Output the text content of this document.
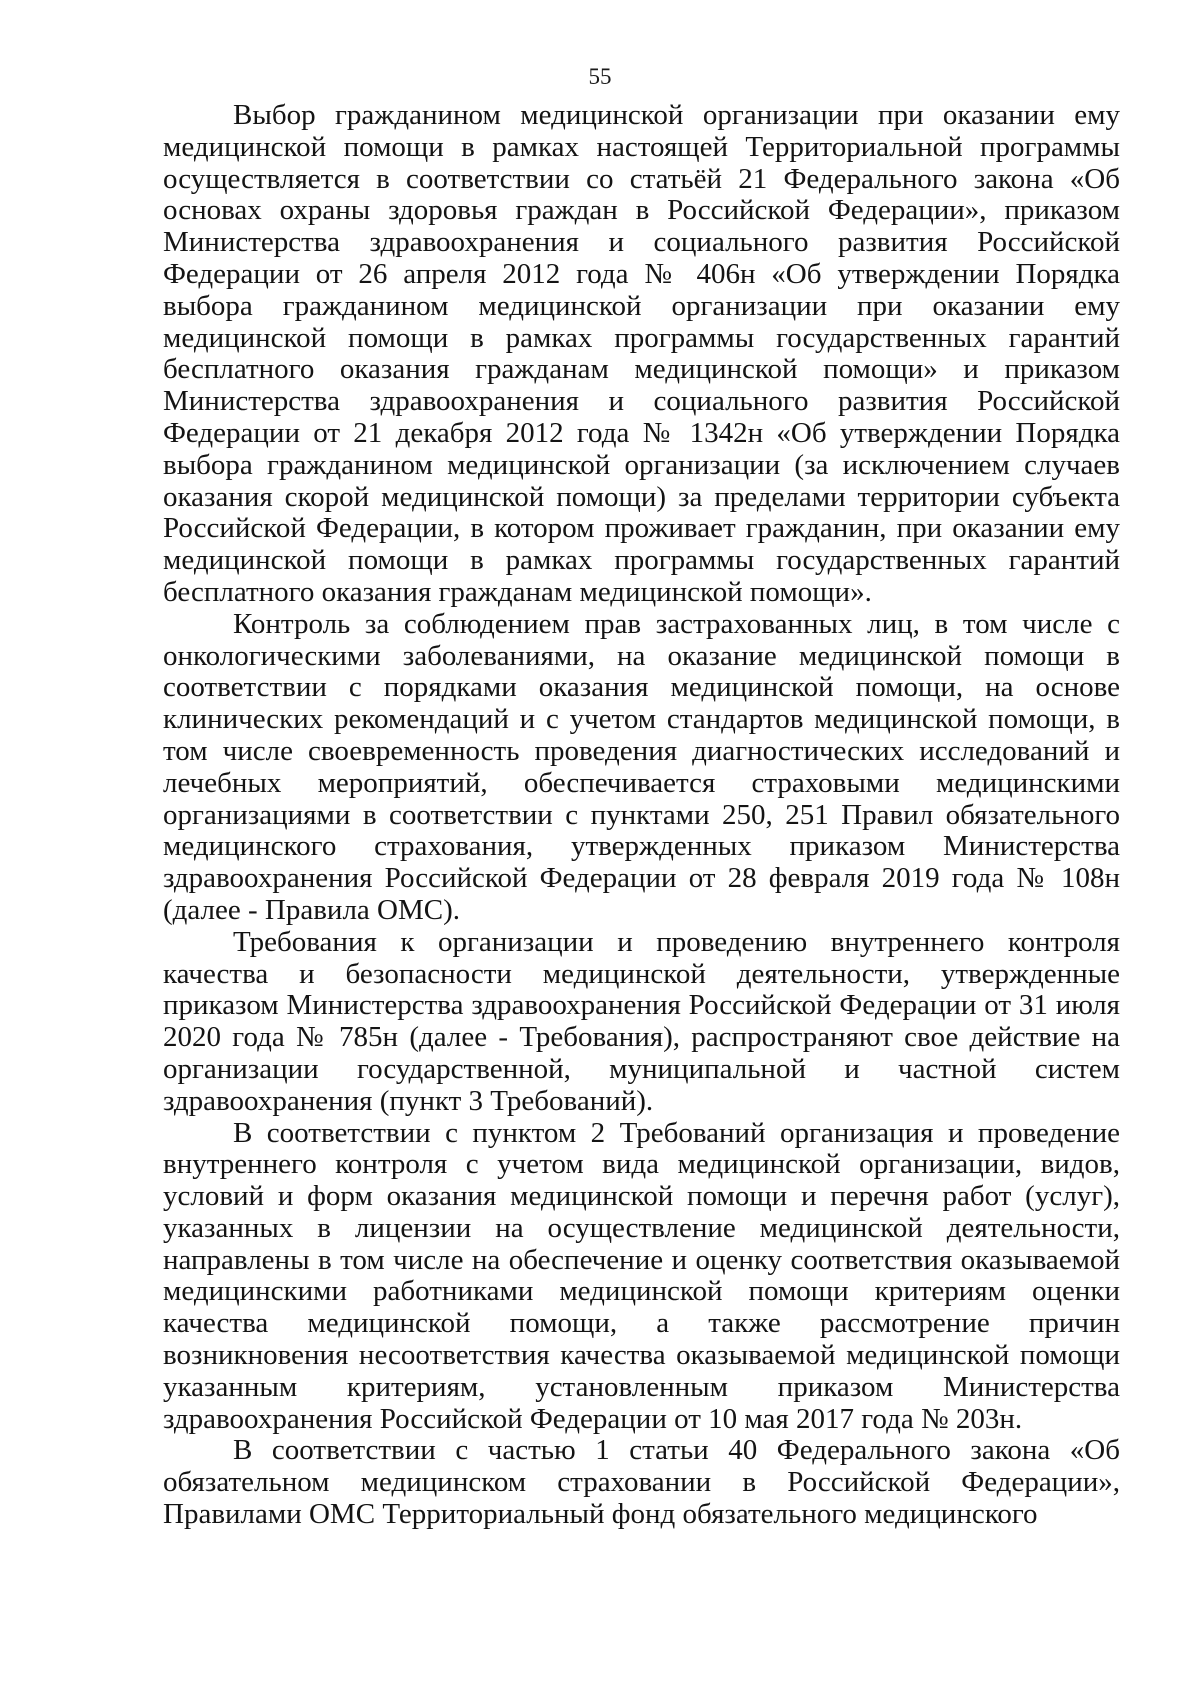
55

Выбор гражданином медицинской организации при оказании ему медицинской помощи в рамках настоящей Территориальной программы осуществляется в соответствии со статьёй 21 Федерального закона «Об основах охраны здоровья граждан в Российской Федерации», приказом Министерства здравоохранения и социального развития Российской Федерации от 26 апреля 2012 года № 406н «Об утверждении Порядка выбора гражданином медицинской организации при оказании ему медицинской помощи в рамках программы государственных гарантий бесплатного оказания гражданам медицинской помощи» и приказом Министерства здравоохранения и социального развития Российской Федерации от 21 декабря 2012 года № 1342н «Об утверждении Порядка выбора гражданином медицинской организации (за исключением случаев оказания скорой медицинской помощи) за пределами территории субъекта Российской Федерации, в котором проживает гражданин, при оказании ему медицинской помощи в рамках программы государственных гарантий бесплатного оказания гражданам медицинской помощи».

Контроль за соблюдением прав застрахованных лиц, в том числе с онкологическими заболеваниями, на оказание медицинской помощи в соответствии с порядками оказания медицинской помощи, на основе клинических рекомендаций и с учетом стандартов медицинской помощи, в том числе своевременность проведения диагностических исследований и лечебных мероприятий, обеспечивается страховыми медицинскими организациями в соответствии с пунктами 250, 251 Правил обязательного медицинского страхования, утвержденных приказом Министерства здравоохранения Российской Федерации от 28 февраля 2019 года № 108н (далее - Правила ОМС).

Требования к организации и проведению внутреннего контроля качества и безопасности медицинской деятельности, утвержденные приказом Министерства здравоохранения Российской Федерации от 31 июля 2020 года № 785н (далее - Требования), распространяют свое действие на организации государственной, муниципальной и частной систем здравоохранения (пункт 3 Требований).

В соответствии с пунктом 2 Требований организация и проведение внутреннего контроля с учетом вида медицинской организации, видов, условий и форм оказания медицинской помощи и перечня работ (услуг), указанных в лицензии на осуществление медицинской деятельности, направлены в том числе на обеспечение и оценку соответствия оказываемой медицинскими работниками медицинской помощи критериям оценки качества медицинской помощи, а также рассмотрение причин возникновения несоответствия качества оказываемой медицинской помощи указанным критериям, установленным приказом Министерства здравоохранения Российской Федерации от 10 мая 2017 года № 203н.

В соответствии с частью 1 статьи 40 Федерального закона «Об обязательном медицинском страховании в Российской Федерации», Правилами ОМС Территориальный фонд обязательного медицинского
